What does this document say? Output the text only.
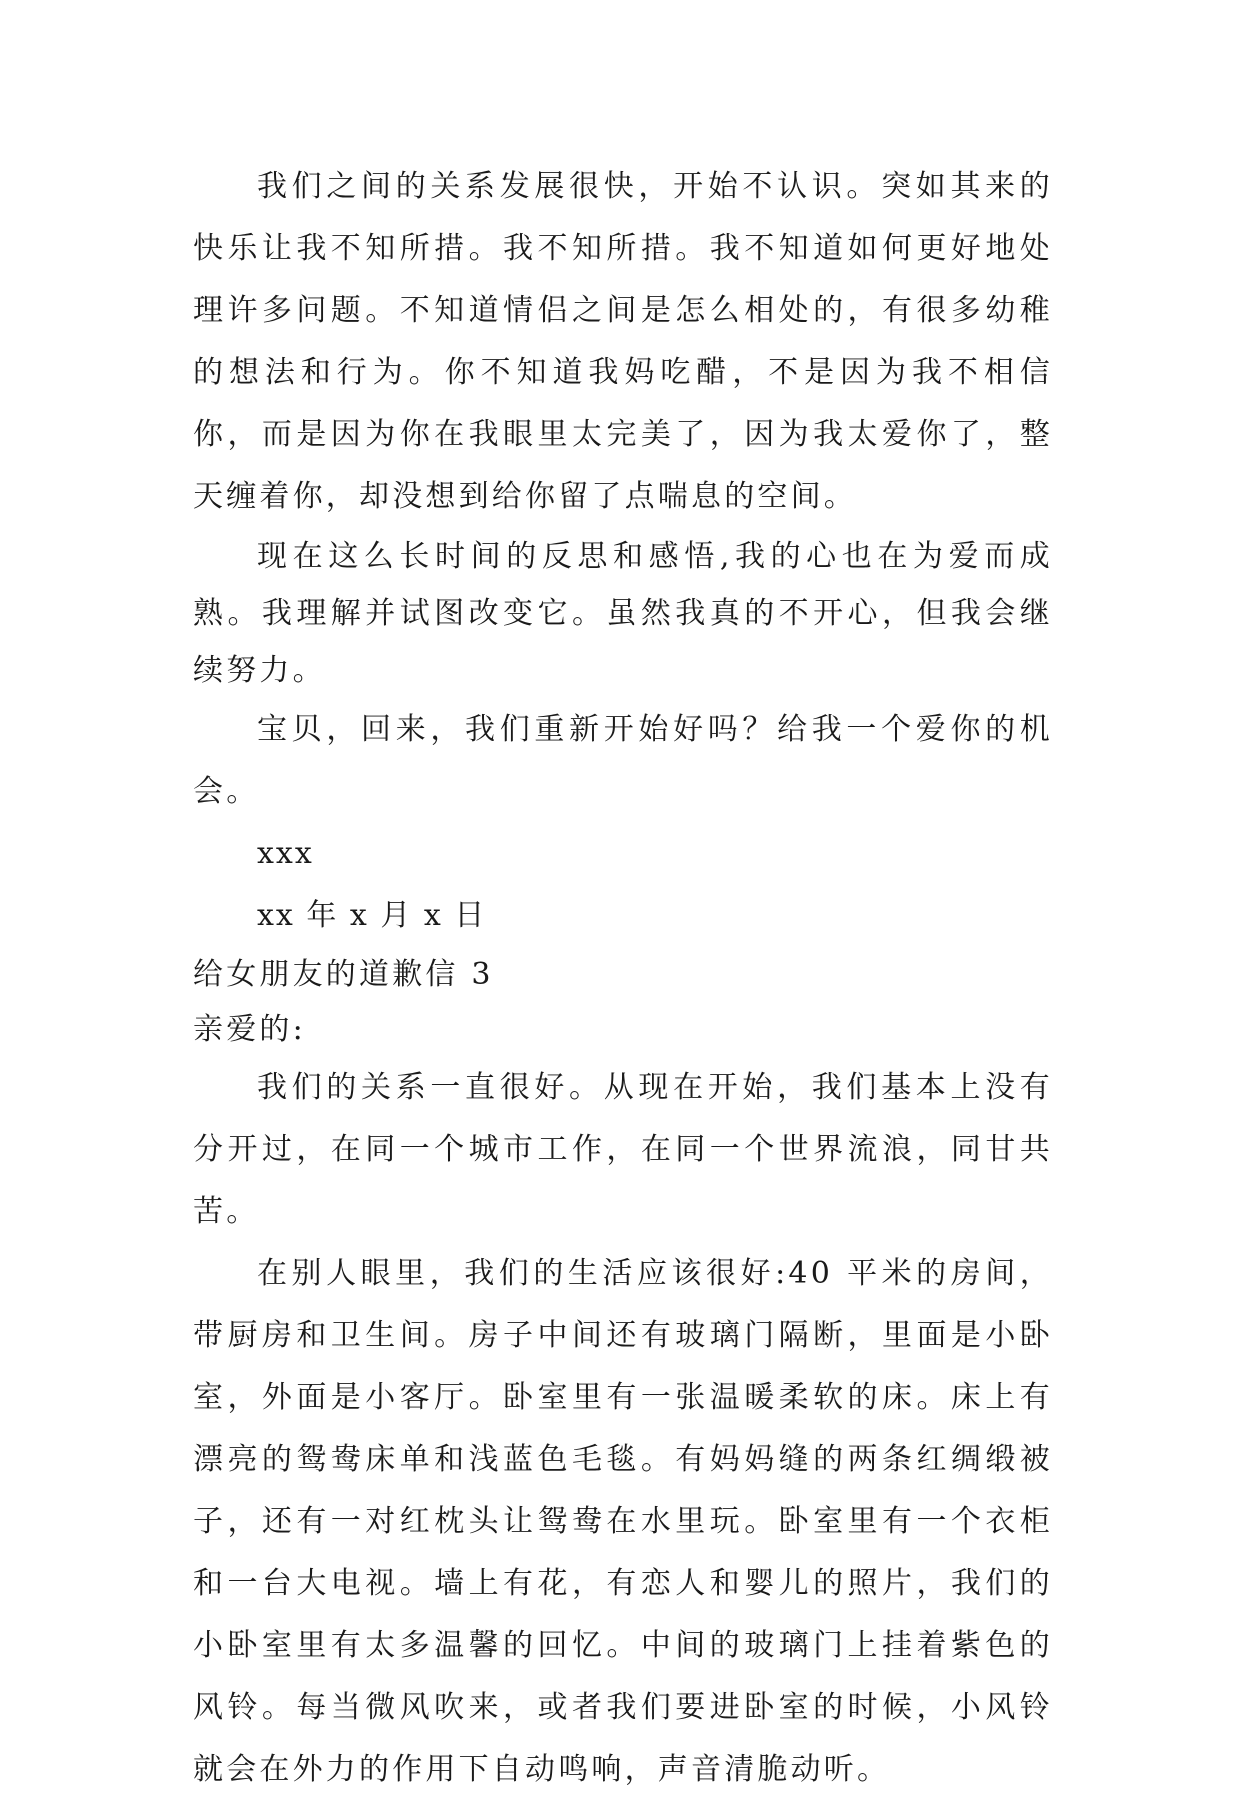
我们之间的关系发展很快，开始不认识。突如其来的快乐让我不知所措。我不知所措。我不知道如何更好地处理许多问题。不知道情侣之间是怎么相处的，有很多幼稚的想法和行为。你不知道我妈吃醋，不是因为我不相信你，而是因为你在我眼里太完美了，因为我太爱你了，整天缠着你，却没想到给你留了点喘息的空间。

现在这么长时间的反思和感悟,我的心也在为爱而成熟。我理解并试图改变它。虽然我真的不开心，但我会继续努力。

宝贝，回来，我们重新开始好吗？给我一个爱你的机会。

xxx

xx 年 x 月 x 日

给女朋友的道歉信 3

亲爱的:

我们的关系一直很好。从现在开始，我们基本上没有分开过，在同一个城市工作，在同一个世界流浪，同甘共苦。

在别人眼里，我们的生活应该很好:40 平米的房间，带厨房和卫生间。房子中间还有玻璃门隔断，里面是小卧室，外面是小客厅。卧室里有一张温暖柔软的床。床上有漂亮的鸳鸯床单和浅蓝色毛毯。有妈妈缝的两条红绸缎被子，还有一对红枕头让鸳鸯在水里玩。卧室里有一个衣柜和一台大电视。墙上有花，有恋人和婴儿的照片，我们的小卧室里有太多温馨的回忆。中间的玻璃门上挂着紫色的风铃。每当微风吹来，或者我们要进卧室的时候，小风铃就会在外力的作用下自动鸣响，声音清脆动听。
